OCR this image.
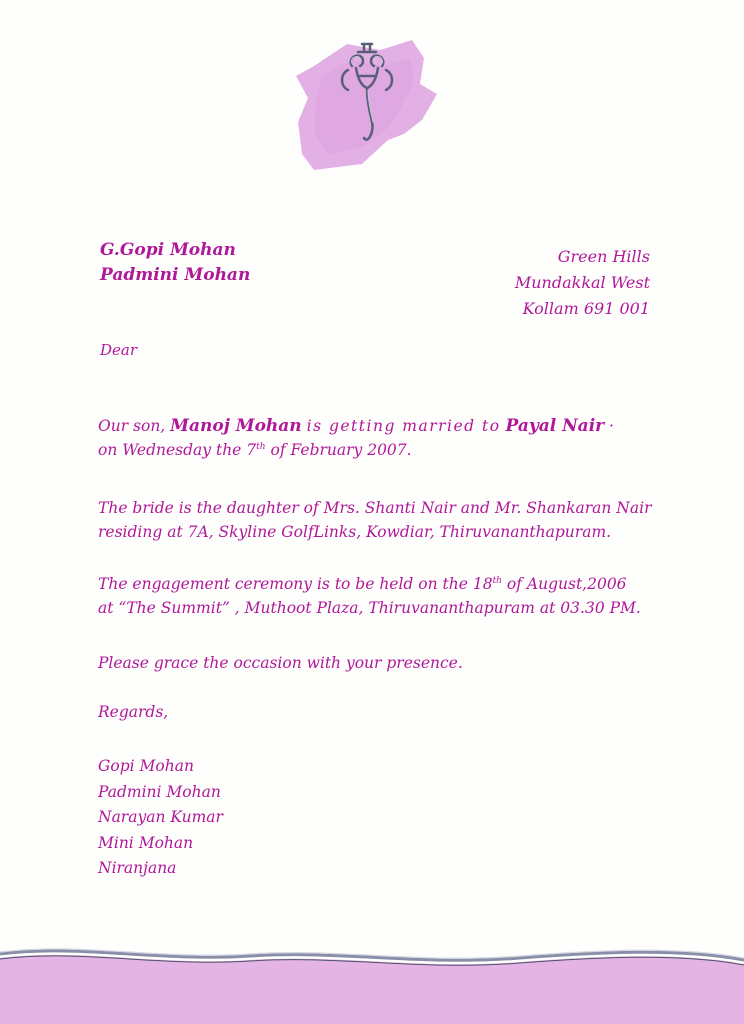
G.Gopi Mohan
Padmini Mohan
Green Hills
Mundakkal West
Kollam 691 001
Dear
Our son, Manoj Mohan is getting married to Payal Nair ·
on Wednesday the 7th of February 2007.
The bride is the daughter of Mrs. Shanti Nair and Mr. Shankaran Nair
residing at 7A, Skyline GolfLinks, Kowdiar, Thiruvananthapuram.
The engagement ceremony is to be held on the 18th of August,2006
at “The Summit” , Muthoot Plaza, Thiruvananthapuram at 03.30 PM.
Please grace the occasion with your presence.
Regards,
Gopi Mohan
Padmini Mohan
Narayan Kumar
Mini Mohan
Niranjana
